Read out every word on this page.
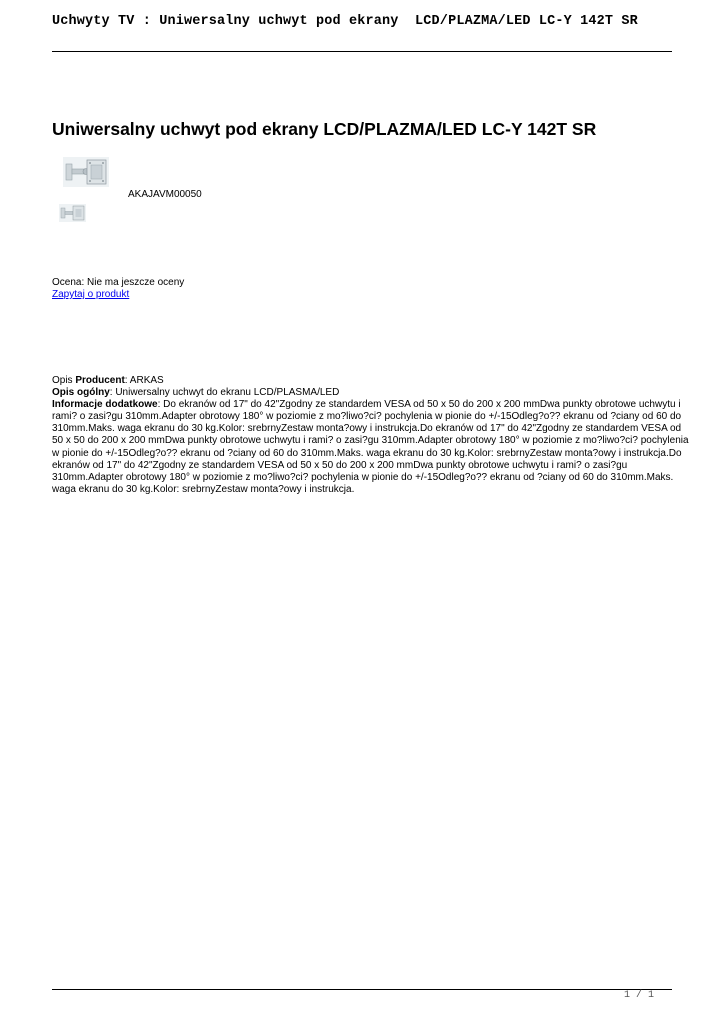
Uchwyty TV : Uniwersalny uchwyt pod ekrany  LCD/PLAZMA/LED LC-Y 142T SR
Uniwersalny uchwyt pod ekrany LCD/PLAZMA/LED LC-Y 142T SR
AKAJAVM00050
Ocena: Nie ma jeszcze oceny
Zapytaj o produkt
Opis Producent: ARKAS
Opis ogólny: Uniwersalny uchwyt do ekranu LCD/PLASMA/LED
Informacje dodatkowe: Do ekranów od 17" do 42"Zgodny ze standardem VESA od 50 x 50 do 200 x 200 mmDwa punkty obrotowe uchwytu i
rami? o zasi?gu 310mm.Adapter obrotowy 180° w poziomie z mo?liwo?ci? pochylenia w pionie do +/-15Odleg?o?? ekranu od ?ciany od 60 do
310mm.Maks. waga ekranu do 30 kg.Kolor: srebrnyZestaw monta?owy i instrukcja.Do ekranów od 17" do 42"Zgodny ze standardem VESA od
50 x 50 do 200 x 200 mmDwa punkty obrotowe uchwytu i rami? o zasi?gu 310mm.Adapter obrotowy 180° w poziomie z mo?liwo?ci? pochylenia
w pionie do +/-15Odleg?o?? ekranu od ?ciany od 60 do 310mm.Maks. waga ekranu do 30 kg.Kolor: srebrnyZestaw monta?owy i instrukcja.Do
ekranów od 17" do 42"Zgodny ze standardem VESA od 50 x 50 do 200 x 200 mmDwa punkty obrotowe uchwytu i rami? o zasi?gu
310mm.Adapter obrotowy 180° w poziomie z mo?liwo?ci? pochylenia w pionie do +/-15Odleg?o?? ekranu od ?ciany od 60 do 310mm.Maks.
waga ekranu do 30 kg.Kolor: srebrnyZestaw monta?owy i instrukcja.
1 / 1
